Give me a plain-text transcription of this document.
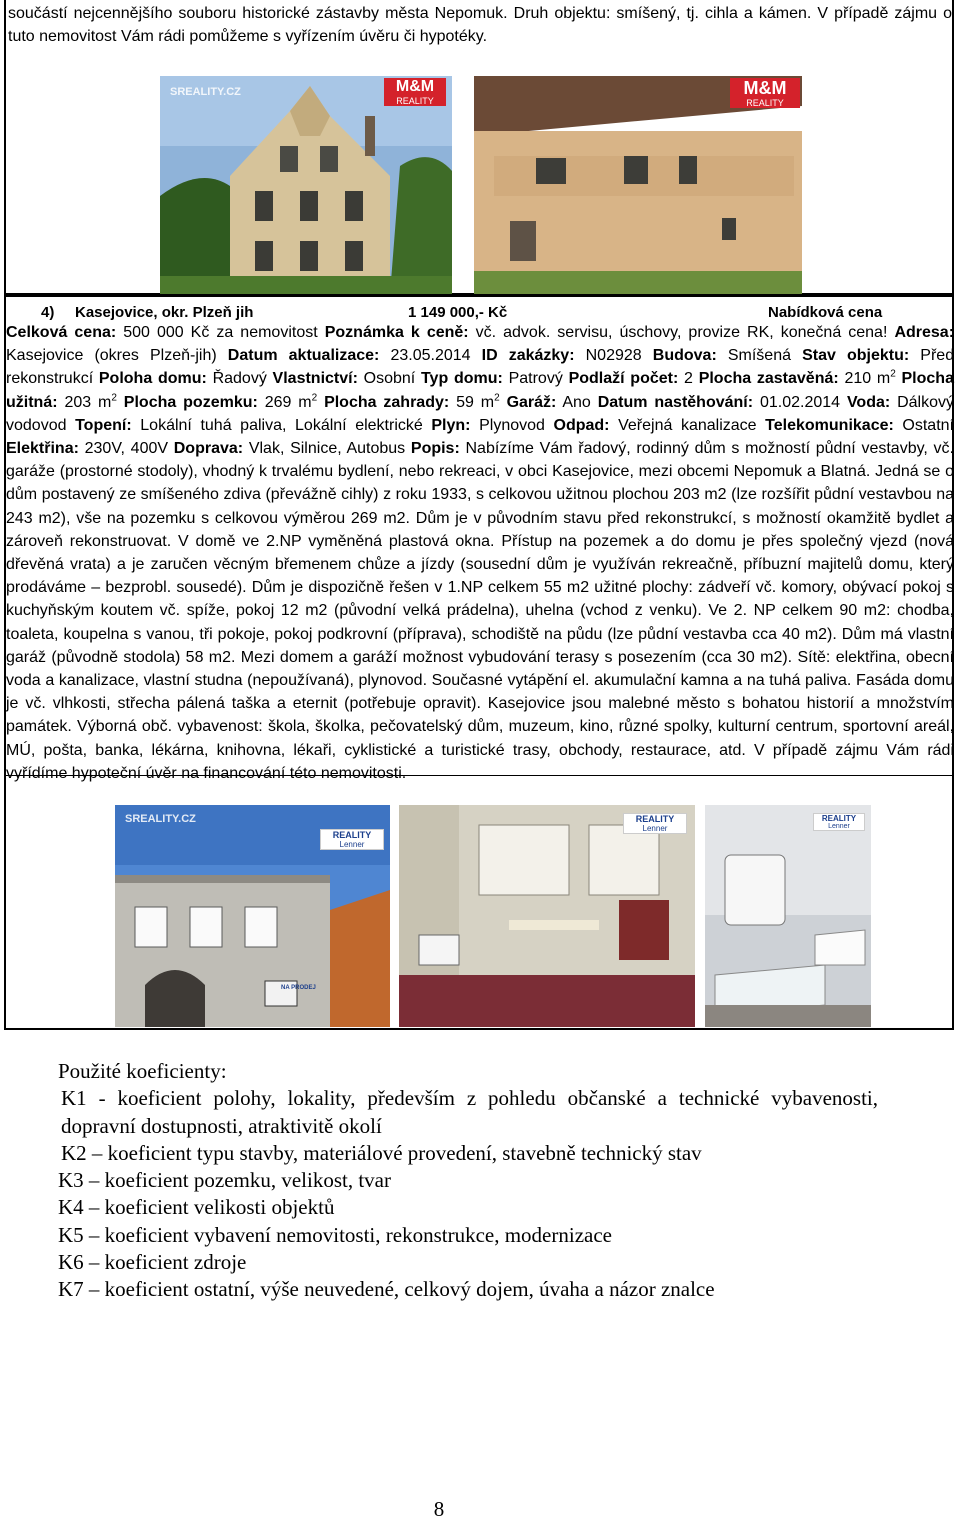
součástí nejcennějšího souboru historické zástavby města Nepomuk. Druh objektu: smíšený, tj. cihla a kámen. V případě zájmu o tuto nemovitost Vám rádi pomůžeme s vyřízením úvěru či hypotéky.
SREALITY.CZ	M&M
REALITY
M&M
REALITY
4) Kasejovice, okr. Plzeň jih	1 149 000,- Kč	Nabídková cena
Celková cena: 500 000 Kč za nemovitost Poznámka k ceně: vč. advok. servisu, úschovy, provize RK, konečná cena! Adresa: Kasejovice (okres Plzeň-jih) Datum aktualizace: 23.05.2014 ID zakázky: N02928 Budova: Smíšená Stav objektu: Před rekonstrukcí Poloha domu: Řadový Vlastnictví: Osobní Typ domu: Patrový Podlaží počet: 2 Plocha zastavěná: 210 $m^2$ Plocha užitná: 203 $m^2$ Plocha pozemku: 269 $m^2$ Plocha zahrady: 59 $m^2$ Garáž: Ano Datum nastěhování: 01.02.2014 Voda: Dálkový vodovod Topení: Lokální tuhá paliva, Lokální elektrické Plyn: Plynovod Odpad: Veřejná kanalizace Telekomunikace: Ostatní Elektřina: 230V, 400V Doprava: Vlak, Silnice, Autobus Popis: Nabízíme Vám řadový, rodinný dům s možností půdní vestavby, vč. garáže (prostorné stodoly), vhodný k trvalému bydlení, nebo rekreaci, v obci Kasejovice, mezi obcemi Nepomuk a Blatná. Jedná se o dům postavený ze smíšeného zdiva (převážně cihly) z roku 1933, s celkovou užitnou plochou 203 m2 (lze rozšířit půdní vestavbou na 243 m2), vše na pozemku s celkovou výměrou 269 m2. Dům je v původním stavu před rekonstrukcí, s možností okamžitě bydlet a zároveň rekonstruovat. V domě ve 2.NP vyměněná plastová okna. Přístup na pozemek a do domu je přes společný vjezd (nová dřevěná vrata) a je zaručen věcným břemenem chůze a jízdy (sousední dům je využíván rekreačně, příbuzní majitelů domu, který prodáváme – bezprobl. sousedé). Dům je dispozičně řešen v 1.NP celkem 55 m2 užitné plochy: zádveří vč. komory, obývací pokoj s kuchyňským koutem vč. spíže, pokoj 12 m2 (původní velká prádelna), uhelna (vchod z venku). Ve 2. NP celkem 90 m2: chodba, toaleta, koupelna s vanou, tři pokoje, pokoj podkrovní (příprava), schodiště na půdu (lze půdní vestavba cca 40 m2). Dům má vlastní garáž (původně stodola) 58 m2. Mezi domem a garáží možnost vybudování terasy s posezením (cca 30 m2). Sítě: elektřina, obecní voda a kanalizace, vlastní studna (nepoužívaná), plynovod. Současné vytápění el. akumulační kamna a na tuhá paliva. Fasáda domu je vč. vlhkosti, střecha pálená taška a eternit (potřebuje opravit). Kasejovice jsou malebné město s bohatou historií a množstvím památek. Výborná obč. vybavenost: škola, školka, pečovatelský dům, muzeum, kino, různé spolky, kulturní centrum, sportovní areál, MÚ, pošta, banka, lékárna, knihovna, lékaři, cyklistické a turistické trasy, obchody, restaurace, atd. V případě zájmu Vám rádi vyřídíme hypoteční úvěr na financování této nemovitosti.
SREALITY.CZ
REALITY
Lenner
NA PRODEJ
REALITY
Lenner
REALITY
Lenner
Použité koeficienty:
K1 - koeficient polohy, lokality, především z pohledu občanské a technické vybavenosti, dopravní dostupnosti, atraktivitě okolí
K2 – koeficient typu stavby, materiálové provedení, stavebně technický stav
K3 – koeficient pozemku, velikost, tvar
K4 – koeficient velikosti objektů
K5 – koeficient vybavení nemovitosti, rekonstrukce, modernizace
K6 – koeficient zdroje
K7 – koeficient ostatní, výše neuvedené, celkový dojem, úvaha a názor znalce
8
